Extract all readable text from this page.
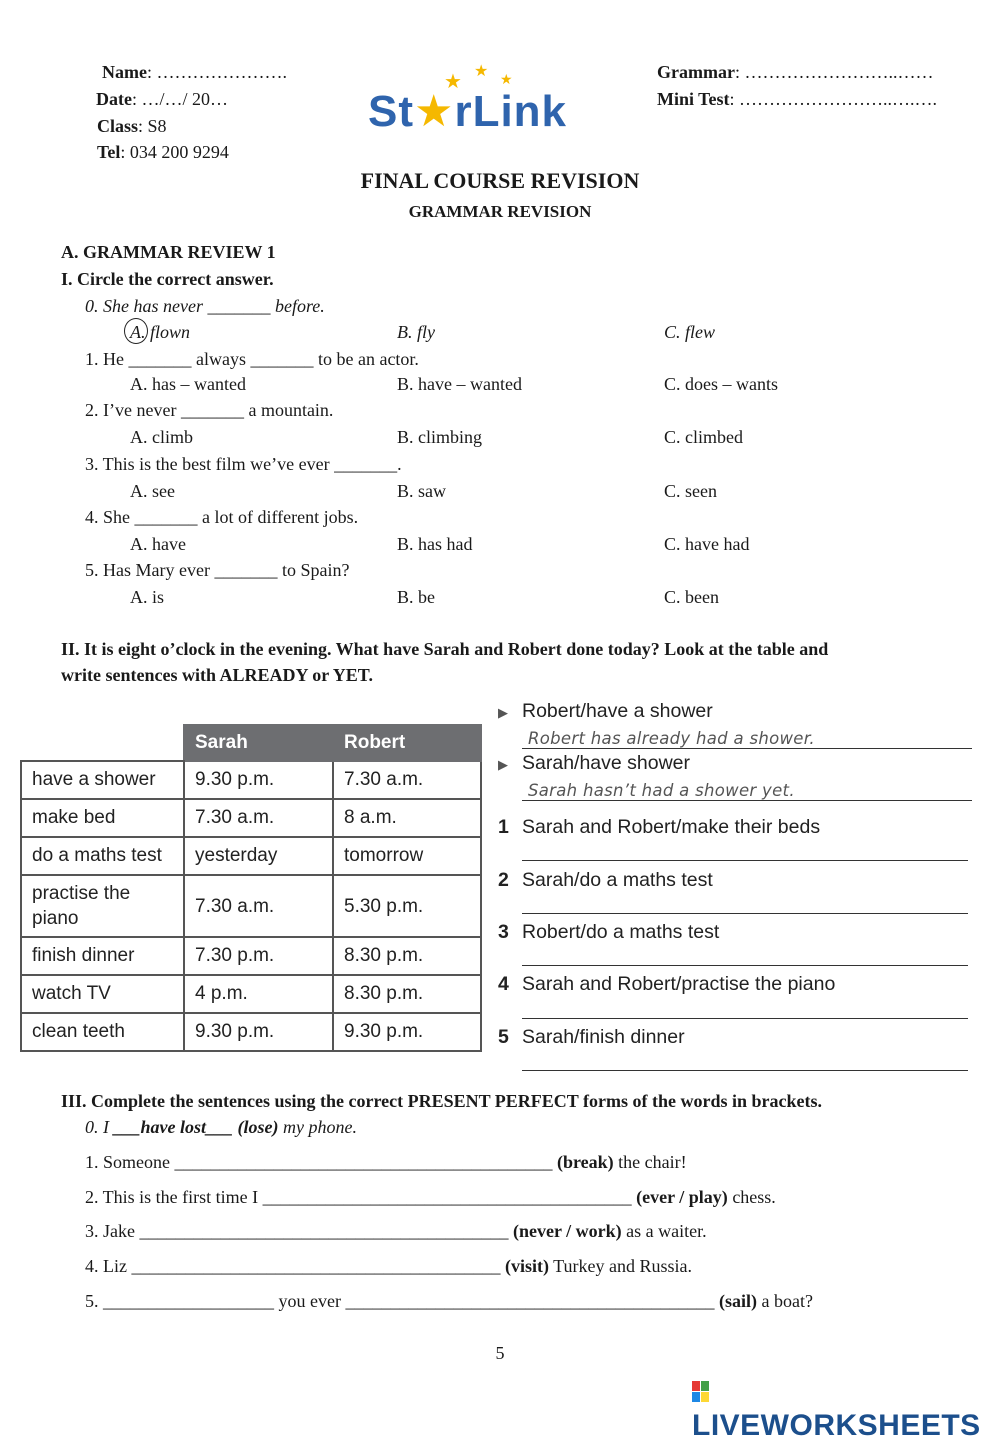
Name: ………………….
Date: …/…/ 20…
Class: S8
Tel: 034 200 9294
Grammar: ……………………..……
Mini Test: ……………………..….….
★ ★
★
St★rLink
FINAL COURSE REVISION
GRAMMAR REVISION
A. GRAMMAR REVIEW 1
I. Circle the correct answer.
0. She has never _______ before.
A. flown	B. fly	C. flew
1. He _______ always _______ to be an actor.
A. has – wanted	B. have – wanted	C. does – wants
2. I’ve never _______ a mountain.
A. climb	B. climbing	C. climbed
3. This is the best film we’ve ever _______.
A. see	B. saw	C. seen
4. She _______ a lot of different jobs.
A. have	B. has had	C. have had
5. Has Mary ever _______ to Spain?
A. is	B. be	C. been
II. It is eight o’clock in the evening. What have Sarah and Robert done today? Look at the table and
write sentences with ALREADY or YET.
	Sarah	Robert
have a shower	9.30 p.m.	7.30 a.m.
make bed	7.30 a.m.	8 a.m.
do a maths test	yesterday	tomorrow
practise the
piano	7.30 a.m.	5.30 p.m.
finish dinner	7.30 p.m.	8.30 p.m.
watch TV	4 p.m.	8.30 p.m.
clean teeth	9.30 p.m.	9.30 p.m.
▶ Robert/have a shower
Robert has already had a shower.
▶ Sarah/have shower
Sarah hasn’t had a shower yet.
1 Sarah and Robert/make their beds
2 Sarah/do a maths test
3 Robert/do a maths test
4 Sarah and Robert/practise the piano
5 Sarah/finish dinner
III. Complete the sentences using the correct PRESENT PERFECT forms of the words in brackets.
0. I ___have lost___ (lose) my phone.
1. Someone __________________________________________ (break) the chair!
2. This is the first time I _________________________________________ (ever / play) chess.
3. Jake _________________________________________ (never / work) as a waiter.
4. Liz _________________________________________ (visit) Turkey and Russia.
5. ___________________ you ever _________________________________________ (sail) a boat?
5
LIVEWORKSHEETS
